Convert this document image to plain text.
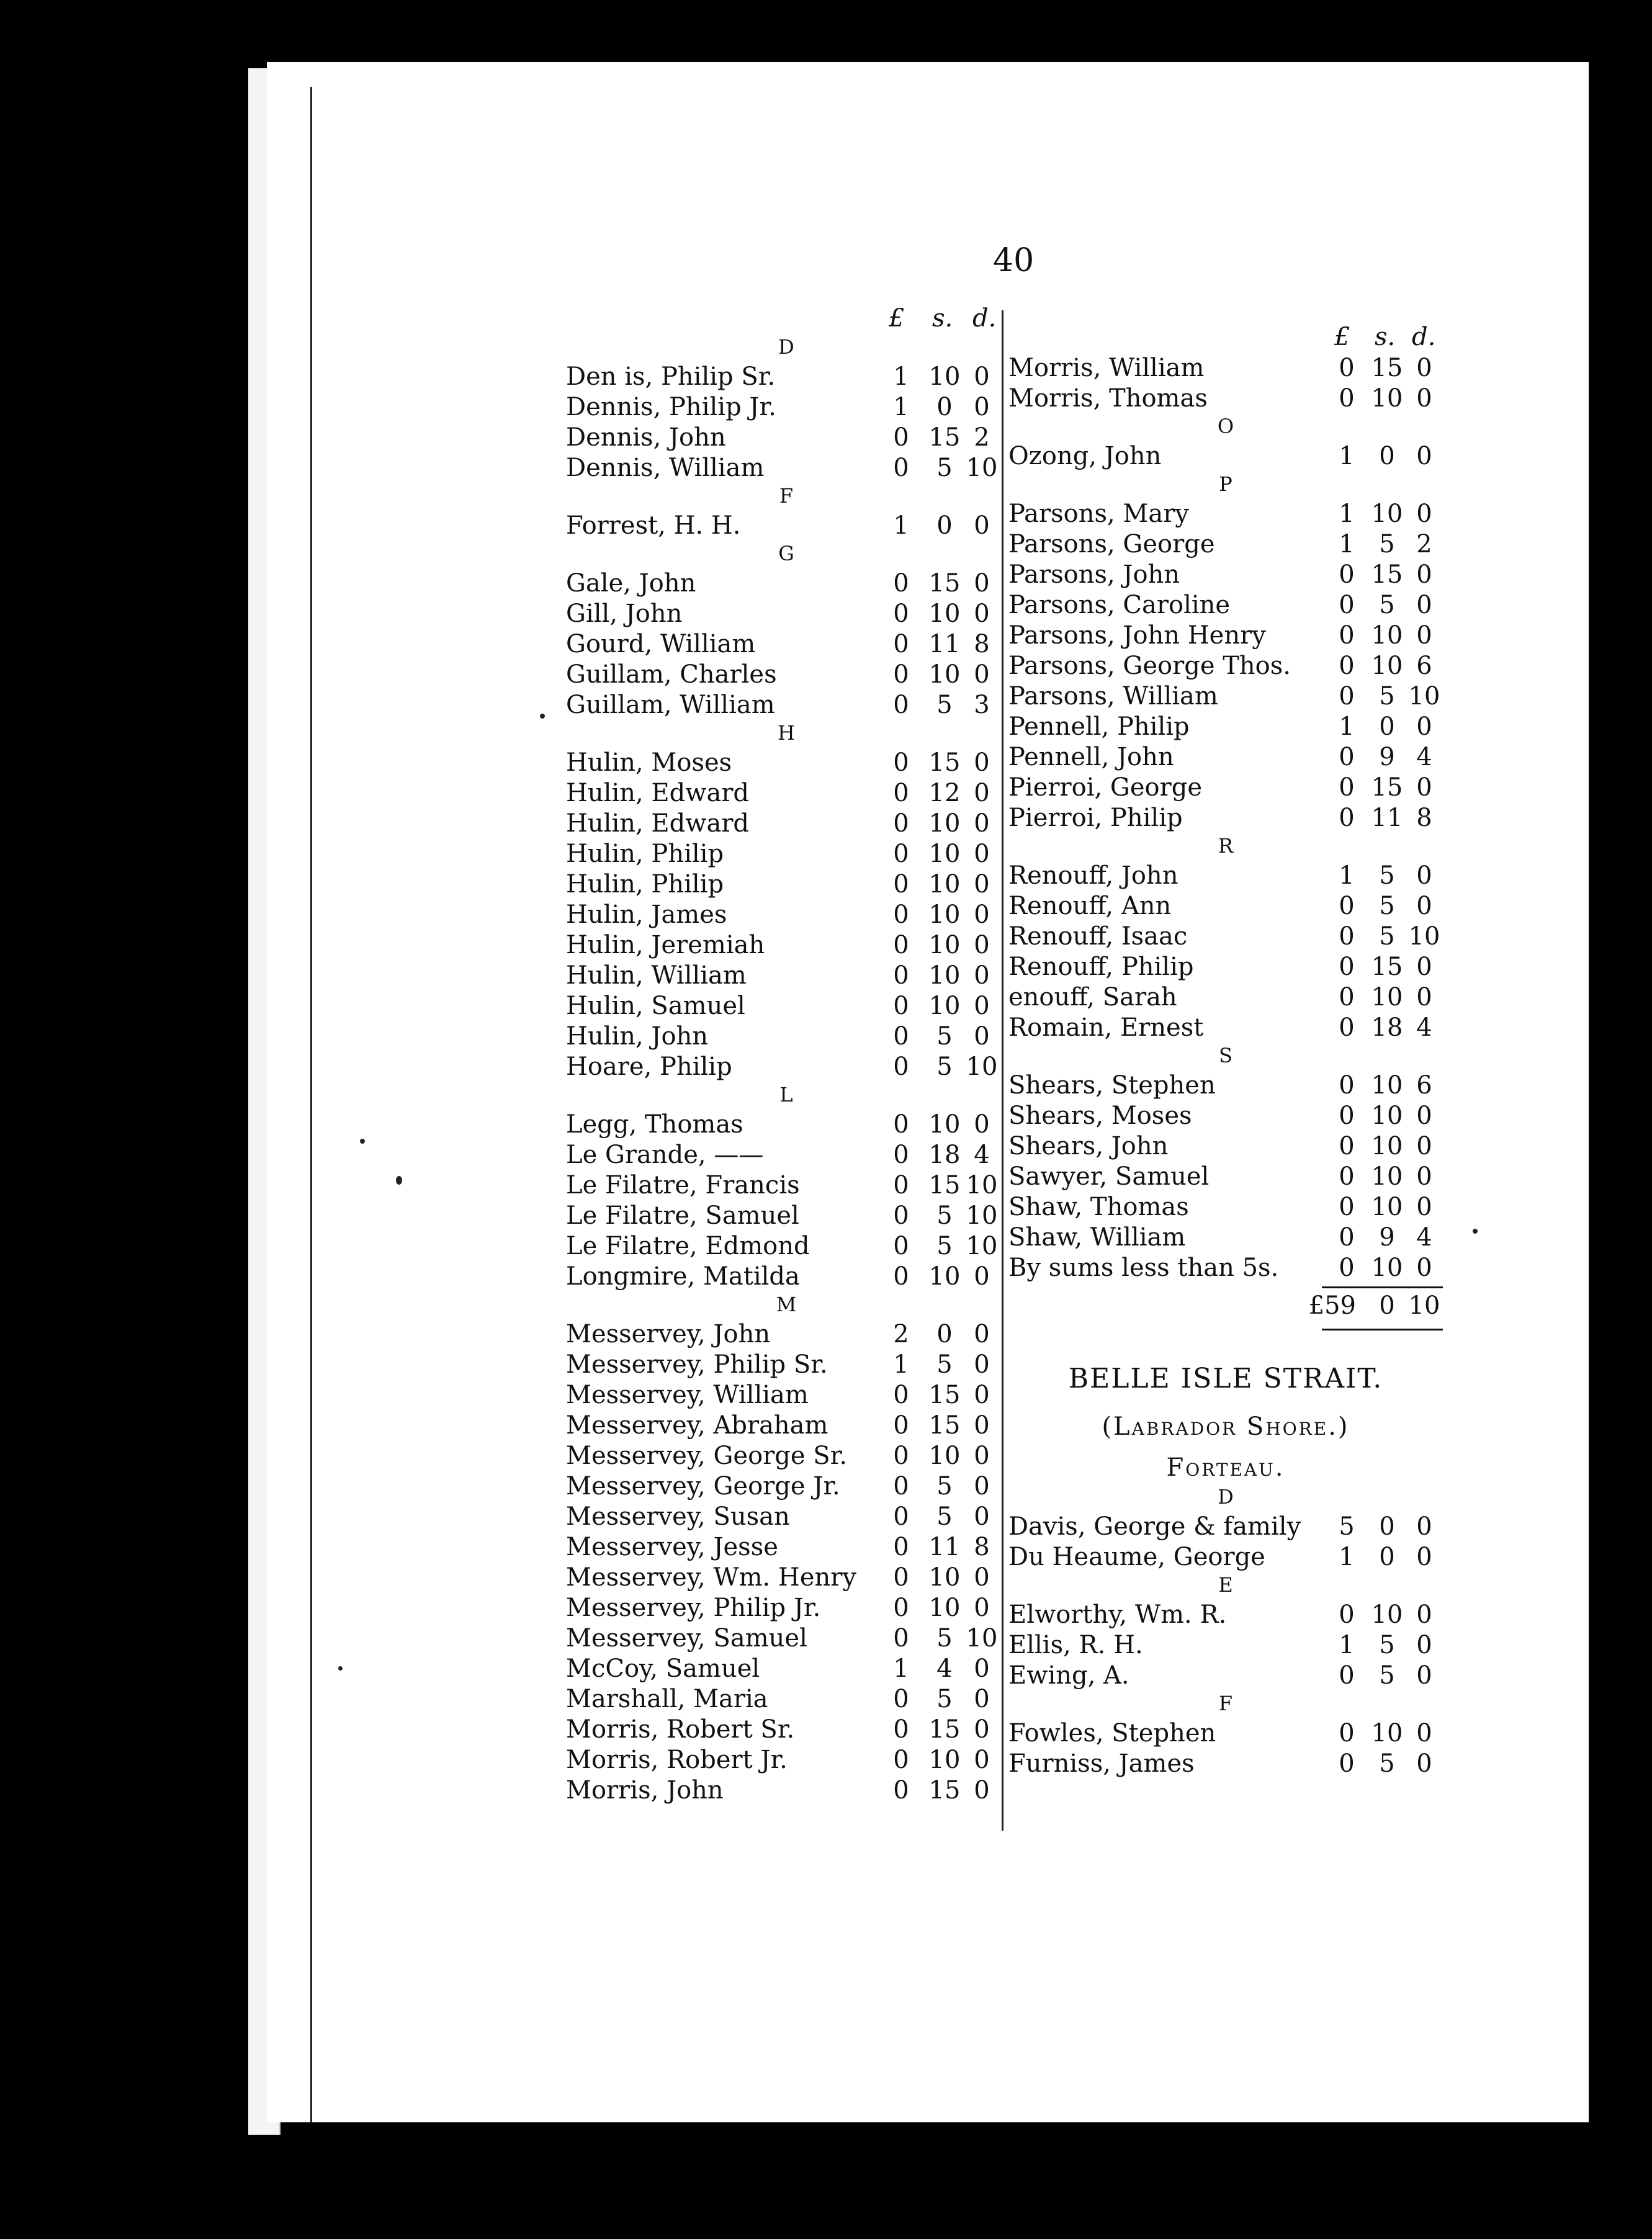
40
£ s. d.
D
Den is, Philip Sr.	1 10 0
Dennis, Philip Jr.	1	0 0
Dennis, John	0 15 2
Dennis, William	0	5 10
F
Forrest, H. H.	1	0 0
G
Gale, John	0 15 0
Gill, John	0 10 0
Gourd, William	0 11 8
Guillam, Charles	0 10 0
Guillam, William	0	5 3
H
Hulin, Moses	0 15 0
Hulin, Edward	0 12 0
Hulin, Edward	0 10 0
Hulin, Philip	0 10 0
Hulin, Philip	0 10 0
Hulin, James	0 10 0
Hulin, Jeremiah	0 10 0
Hulin, William	0 10 0
Hulin, Samuel	0 10 0
Hulin, John	0	5 0
Hoare, Philip	0	5 10
L
Legg, Thomas	0 10 0
Le Grande, ——	0 18 4
Le Filatre, Francis	0 15 10
Le Filatre, Samuel	0	5 10
Le Filatre, Edmond	0	5 10
Longmire, Matilda	0 10 0
M
Messervey, John	2	0 0
Messervey, Philip Sr.	1	5 0
Messervey, William	0 15 0
Messervey, Abraham	0 15 0
Messervey, George Sr.	0 10 0
Messervey, George Jr.	0	5 0
Messervey, Susan	0	5 0
Messervey, Jesse	0 11 8
Messervey, Wm. Henry	0 10 0
Messervey, Philip Jr.	0 10 0
Messervey, Samuel	0	5 10
McCoy, Samuel	1	4 0
Marshall, Maria	0	5 0
Morris, Robert Sr.	0 15 0
Morris, Robert Jr.	0 10 0
Morris, John	0 15 0
£ s. d.
Morris, William	0 15 0
Morris, Thomas	0 10 0
O
Ozong, John	1 0 0
P
Parsons, Mary	1 10 0
Parsons, George	1 5 2
Parsons, John	0 15 0
Parsons, Caroline	0 5 0
Parsons, John Henry	0 10 0
Parsons, George Thos.	0 10 6
Parsons, William	0 5 10
Pennell, Philip	1 0 0
Pennell, John	0 9 4
Pierroi, George	0 15 0
Pierroi, Philip	0 11 8
R
Renouff, John	1 5 0
Renouff, Ann	0 5 0
Renouff, Isaac	0 5 10
Renouff, Philip	0 15 0
enouff, Sarah	0 10 0
Romain, Ernest	0 18 4
S
Shears, Stephen	0 10 6
Shears, Moses	0 10 0
Shears, John	0 10 0
Sawyer, Samuel	0 10 0
Shaw, Thomas	0 10 0
Shaw, William	0 9 4
By sums less than 5s.	0 10 0
£59 0 10
BELLE ISLE STRAIT.
(Labrador Shore.)
Forteau.
D
Davis, George & family	5 0 0
Du Heaume, George	1 0 0
E
Elworthy, Wm. R.	0 10 0
Ellis, R. H.	1 5 0
Ewing, A.	0 5 0
F
Fowles, Stephen	0 10 0
Furniss, James	0 5 0
